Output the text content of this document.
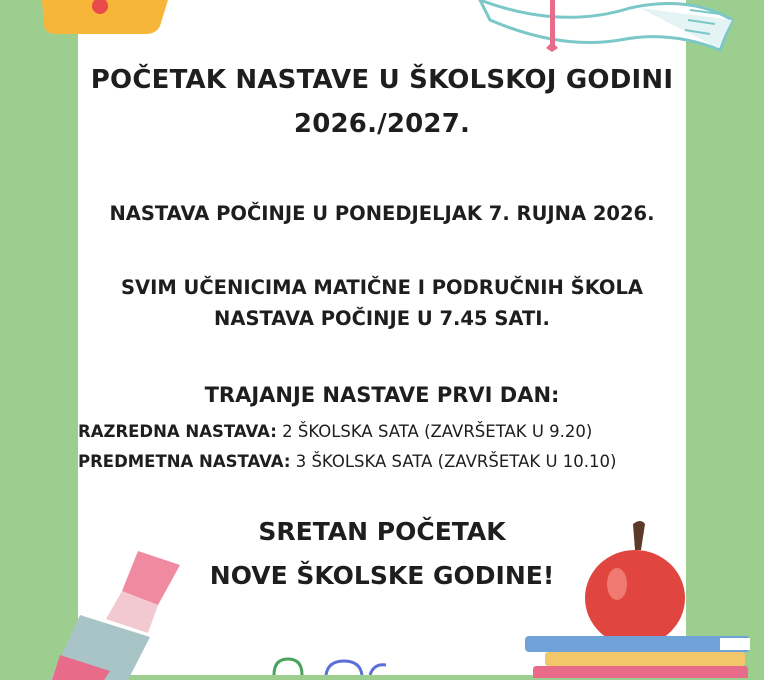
POČETAK NASTAVE U ŠKOLSKOJ GODINI
2026./2027.
NASTAVA POČINJE U PONEDJELJAK 7. RUJNA 2026.
SVIM UČENICIMA MATIČNE I PODRUČNIH ŠKOLA
NASTAVA POČINJE U 7.45 SATI.
TRAJANJE NASTAVE PRVI DAN:
RAZREDNA NASTAVA: 2 ŠKOLSKA SATA (ZAVRŠETAK U 9.20)
PREDMETNA NASTAVA: 3 ŠKOLSKA SATA (ZAVRŠETAK U 10.10)
SRETAN POČETAK
NOVE ŠKOLSKE GODINE!
